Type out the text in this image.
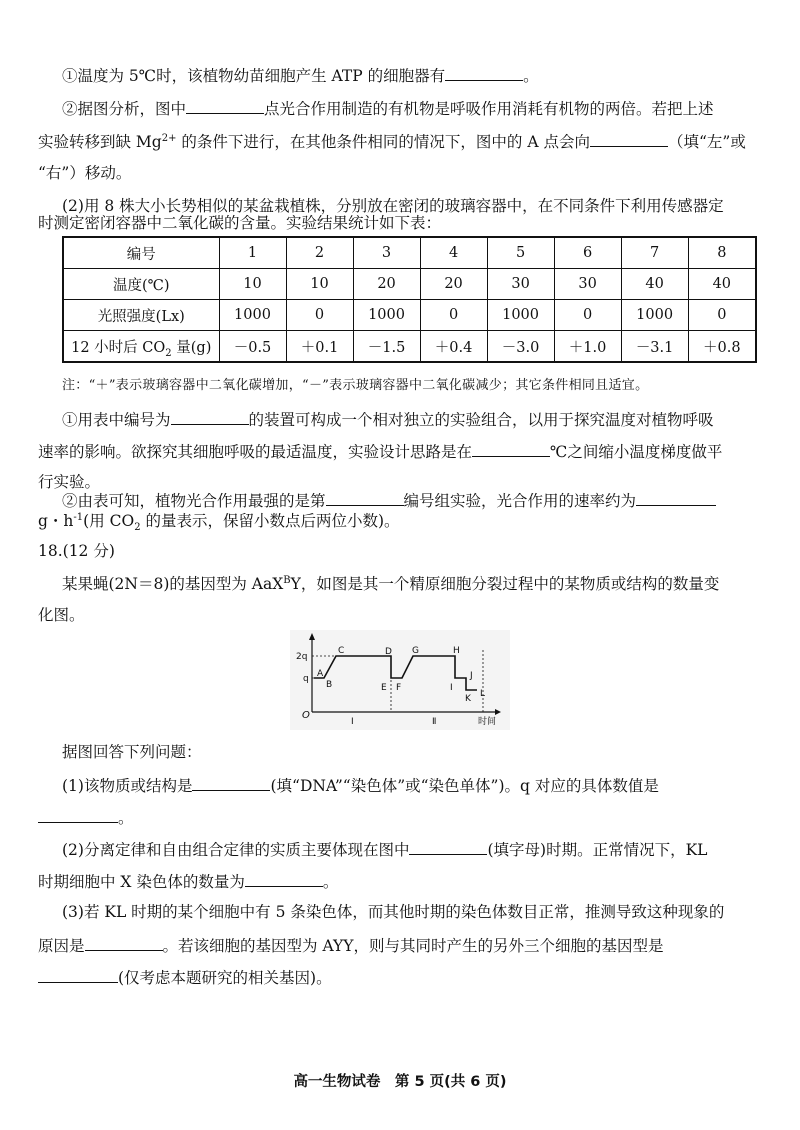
①温度为 5℃时，该植物幼苗细胞产生 ATP 的细胞器有	。
②据图分析，图中	点光合作用制造的有机物是呼吸作用消耗有机物的两倍。若把上述
实验转移到缺 $Mg^{2+}$ 的条件下进行，在其他条件相同的情况下，图中的 A 点会向	（填“左”或
“右”）移动。
(2)用 8 株大小长势相似的某盆栽植株，分别放在密闭的玻璃容器中，在不同条件下利用传感器定
时测定密闭容器中二氧化碳的含量。实验结果统计如下表：
编号	1	2	3	4	5	6	7	8
温度(℃)	10	10	20	20	30	30	40	40
光照强度(Lx)	1000	0	1000	0	1000	0	1000	0
12 小时后 $CO_2$ 量(g)	－0.5	＋0.1	－1.5	＋0.4	－3.0	＋1.0	－3.1	＋0.8
注：“＋”表示玻璃容器中二氧化碳增加，“－”表示玻璃容器中二氧化碳减少；其它条件相同且适宜。
①用表中编号为	的装置可构成一个相对独立的实验组合，以用于探究温度对植物呼吸
速率的影响。欲探究其细胞呼吸的最适温度，实验设计思路是在	℃之间缩小温度梯度做平
行实验。
②由表可知，植物光合作用最强的是第	编号组实验，光合作用的速率约为
g・$h^{-1}$(用 $CO_2$ 的量表示，保留小数点后两位小数)。
18.(12 分)
某果蝇(2N＝8)的基因型为 AaX$^B$Y，如图是其一个精原细胞分裂过程中的某物质或结构的数量变
化图。
2q
q
O
A
B
C	D
E F
G	H
I
J
K L
Ⅰ	Ⅱ	时间
据图回答下列问题：
(1)该物质或结构是	(填“DNA”“染色体”或“染色单体”)。q 对应的具体数值是
。
(2)分离定律和自由组合定律的实质主要体现在图中	(填字母)时期。正常情况下，KL
时期细胞中 X 染色体的数量为	。
(3)若 KL 时期的某个细胞中有 5 条染色体，而其他时期的染色体数目正常，推测导致这种现象的
原因是	。若该细胞的基因型为 AYY，则与其同时产生的另外三个细胞的基因型是
(仅考虑本题研究的相关基因)。
高一生物试卷　第 5 页(共 6 页)
